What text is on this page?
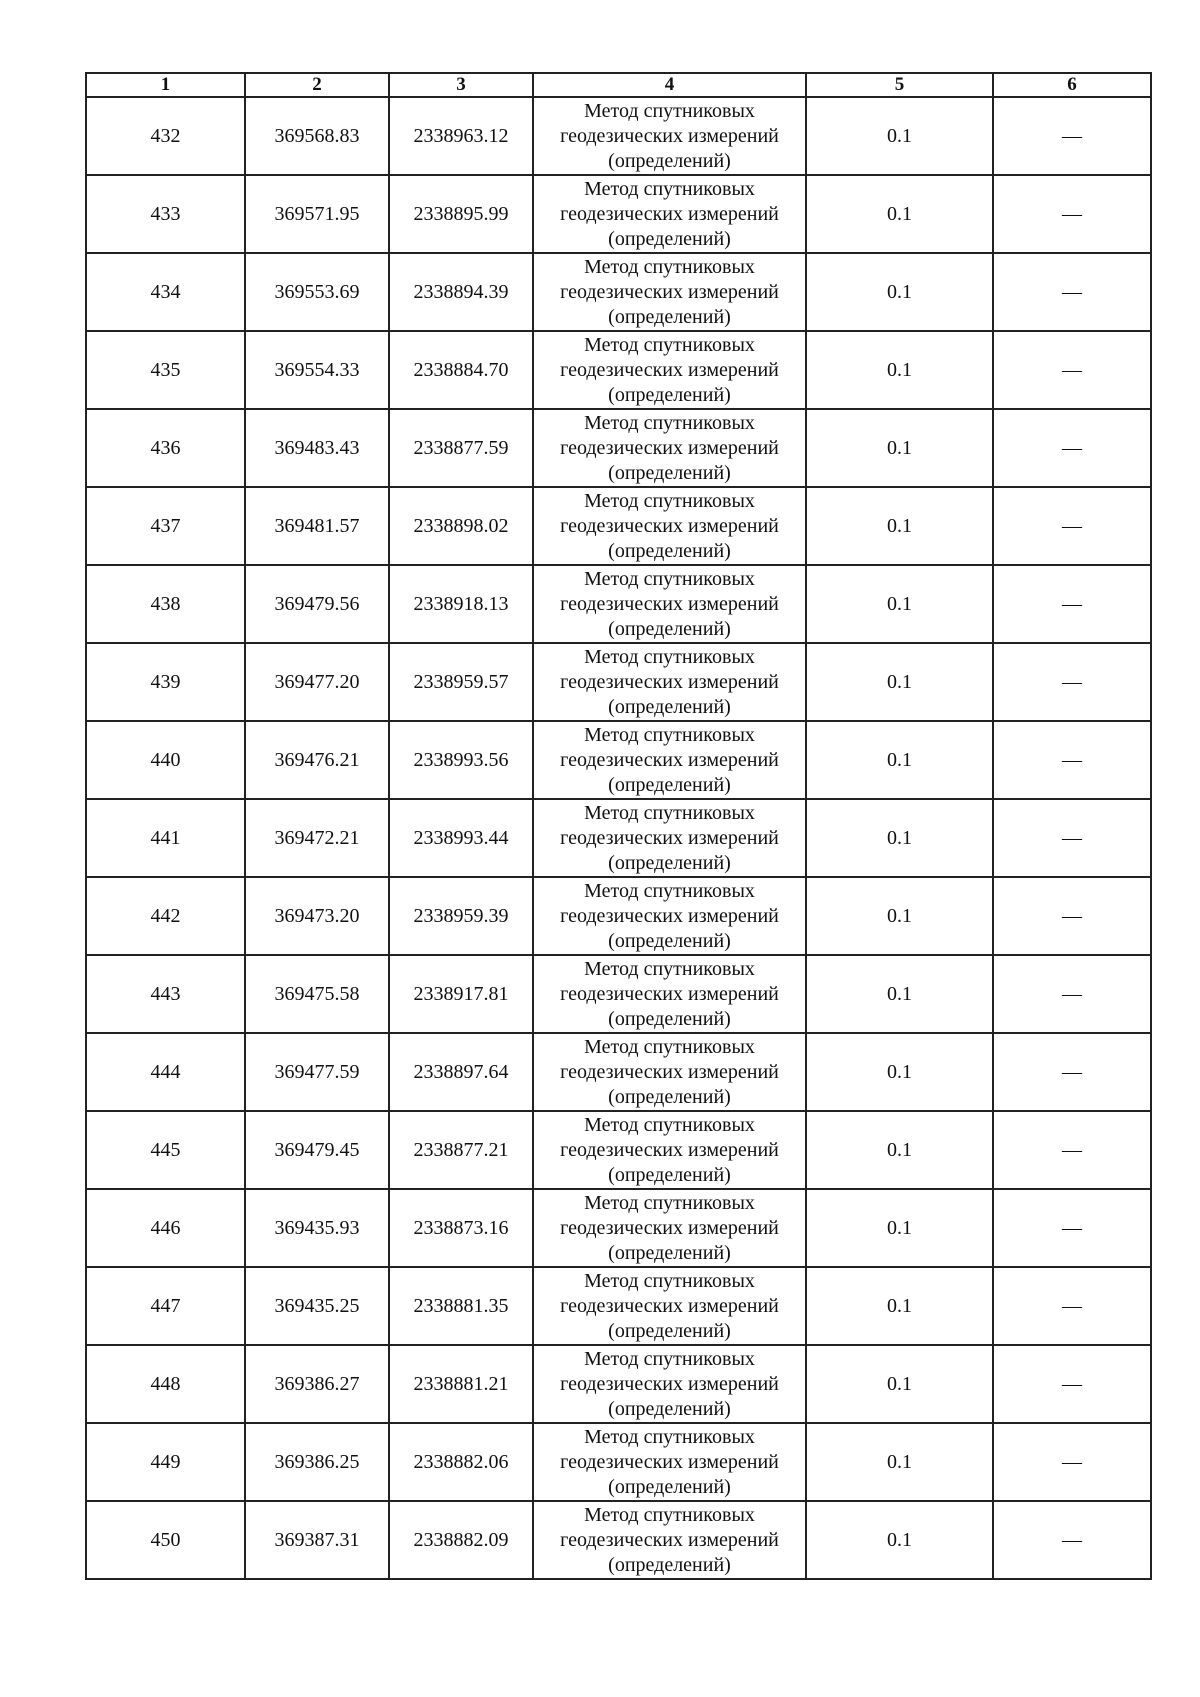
1	2	3	4	5	6
432	369568.83	2338963.12	Метод спутниковых
геодезических измерений
(определений)	0.1	—
433	369571.95	2338895.99	Метод спутниковых
геодезических измерений
(определений)	0.1	—
434	369553.69	2338894.39	Метод спутниковых
геодезических измерений
(определений)	0.1	—
435	369554.33	2338884.70	Метод спутниковых
геодезических измерений
(определений)	0.1	—
436	369483.43	2338877.59	Метод спутниковых
геодезических измерений
(определений)	0.1	—
437	369481.57	2338898.02	Метод спутниковых
геодезических измерений
(определений)	0.1	—
438	369479.56	2338918.13	Метод спутниковых
геодезических измерений
(определений)	0.1	—
439	369477.20	2338959.57	Метод спутниковых
геодезических измерений
(определений)	0.1	—
440	369476.21	2338993.56	Метод спутниковых
геодезических измерений
(определений)	0.1	—
441	369472.21	2338993.44	Метод спутниковых
геодезических измерений
(определений)	0.1	—
442	369473.20	2338959.39	Метод спутниковых
геодезических измерений
(определений)	0.1	—
443	369475.58	2338917.81	Метод спутниковых
геодезических измерений
(определений)	0.1	—
444	369477.59	2338897.64	Метод спутниковых
геодезических измерений
(определений)	0.1	—
445	369479.45	2338877.21	Метод спутниковых
геодезических измерений
(определений)	0.1	—
446	369435.93	2338873.16	Метод спутниковых
геодезических измерений
(определений)	0.1	—
447	369435.25	2338881.35	Метод спутниковых
геодезических измерений
(определений)	0.1	—
448	369386.27	2338881.21	Метод спутниковых
геодезических измерений
(определений)	0.1	—
449	369386.25	2338882.06	Метод спутниковых
геодезических измерений
(определений)	0.1	—
450	369387.31	2338882.09	Метод спутниковых
геодезических измерений
(определений)	0.1	—
